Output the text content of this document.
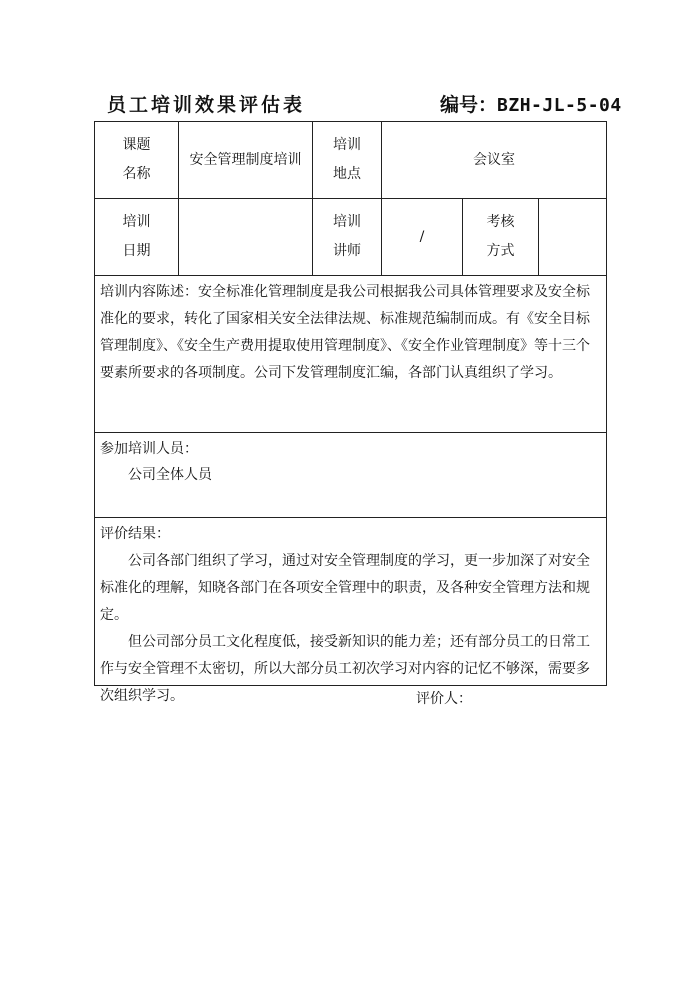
员工培训效果评估表	编号：BZH-JL-5-04
课题
名称
安全管理制度培训
培训
地点
会议室
培训
日期
培训
讲师
/
考核
方式

培训内容陈述：安全标准化管理制度是我公司根据我公司具体管理要求及安全标准化的要求，转化了国家相关安全法律法规、标准规范编制而成。有《安全目标管理制度》、《安全生产费用提取使用管理制度》、《安全作业管理制度》等十三个要素所要求的各项制度。公司下发管理制度汇编，各部门认真组织了学习。

参加培训人员：
公司全体人员

评价结果：

公司各部门组织了学习，通过对安全管理制度的学习，更一步加深了对安全标准化的理解，知晓各部门在各项安全管理中的职责，及各种安全管理方法和规定。

但公司部分员工文化程度低，接受新知识的能力差；还有部分员工的日常工作与安全管理不太密切，所以大部分员工初次学习对内容的记忆不够深，需要多次组织学习。	评价人：
